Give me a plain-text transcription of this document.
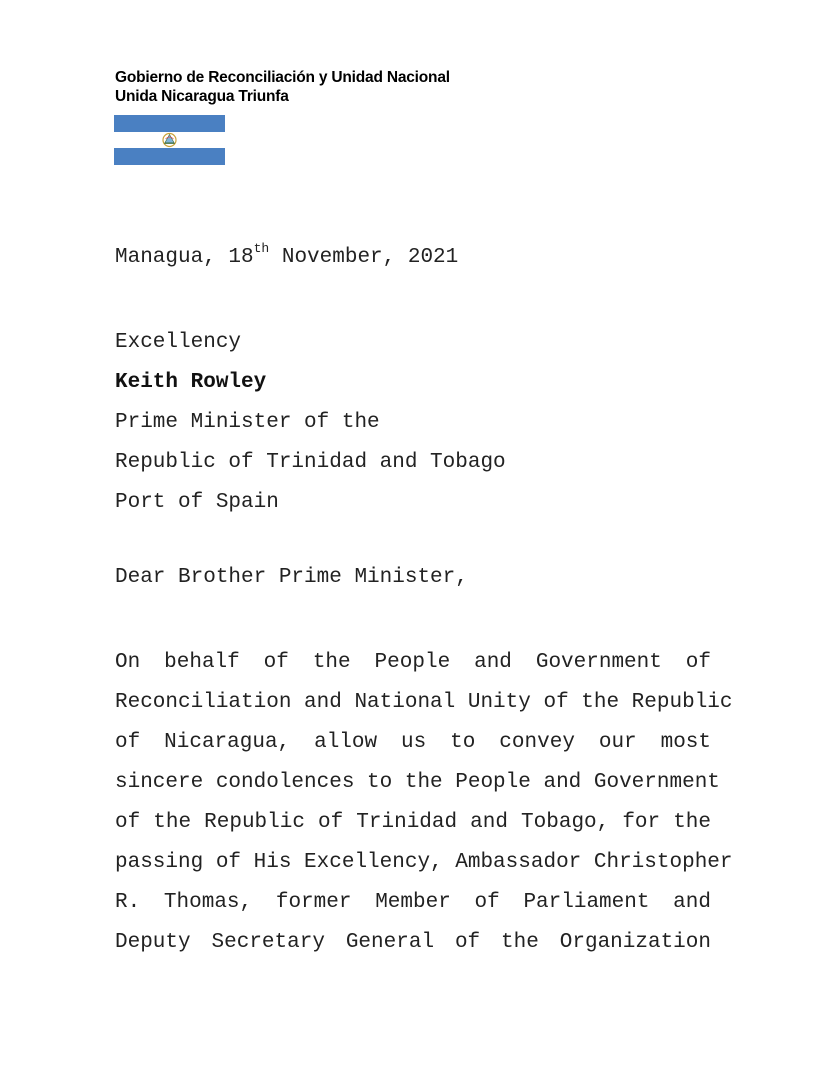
Gobierno de Reconciliación y Unidad Nacional
Unida Nicaragua Triunfa
Managua, 18th November, 2021
Excellency
Keith Rowley
Prime Minister of the
Republic of Trinidad and Tobago
Port of Spain
Dear Brother Prime Minister,
On behalf of the People and Government of
Reconciliation and National Unity of the Republic
of Nicaragua, allow us to convey our most
sincere condolences to the People and Government
of the Republic of Trinidad and Tobago, for the
passing of His Excellency, Ambassador Christopher
R. Thomas, former Member of Parliament and
Deputy Secretary General of the Organization
